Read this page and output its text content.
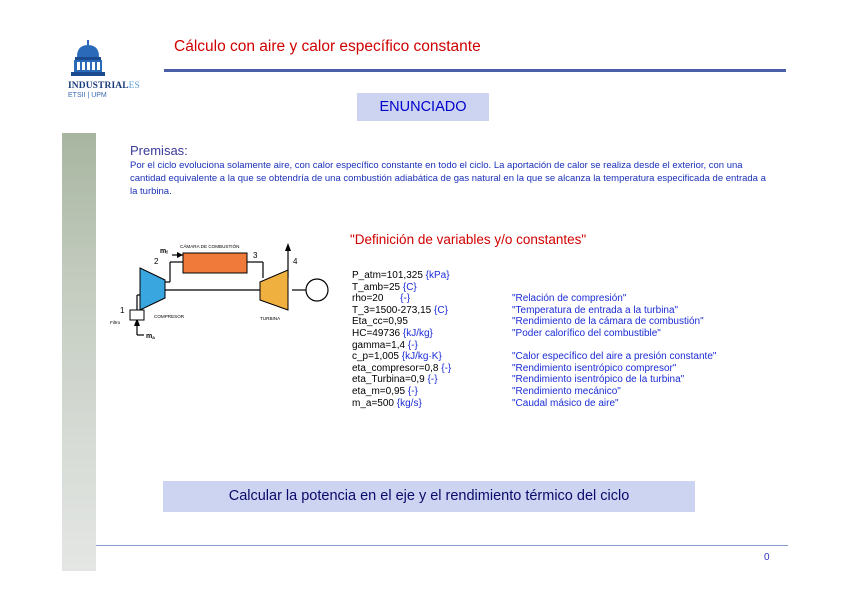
INDUSTRIALES
ETSII | UPM
Cálculo con aire y calor específico constante
ENUNCIADO
Premisas:
Por el ciclo evoluciona solamente aire, con calor específico constante en todo el ciclo. La aportación de calor se realiza desde el exterior, con una cantidad equivalente a la que se obtendría de una combustión adiabática de gas natural en la que se alcanza la temperatura especificada de entrada a la turbina.
CÁMARA DE COMBUSTIÓN
COMPRESOR	TURBINA
Filtro
1
2
3
4
mf
ma
"Definición de variables y/o constantes"
P_atm=101,325 {kPa}
T_amb=25 {C}
rho=20 {-}	"Relación de compresión"
T_3=1500-273,15 {C}	"Temperatura de entrada a la turbina"
Eta_cc=0,95	"Rendimiento de la cámara de combustión"
HC=49736 {kJ/kg}	"Poder calorífico del combustible"
gamma=1,4 {-}
c_p=1,005 {kJ/kg·K}	"Calor específico del aire a presión constante"
eta_compresor=0,8 {-}	"Rendimiento isentrópico compresor"
eta_Turbina=0,9 {-}	"Rendimiento isentrópico de la turbina"
eta_m=0,95 {-}	"Rendimiento mecánico"
m_a=500 {kg/s}	"Caudal másico de aire"
Calcular la potencia en el eje y el rendimiento térmico del ciclo
0
